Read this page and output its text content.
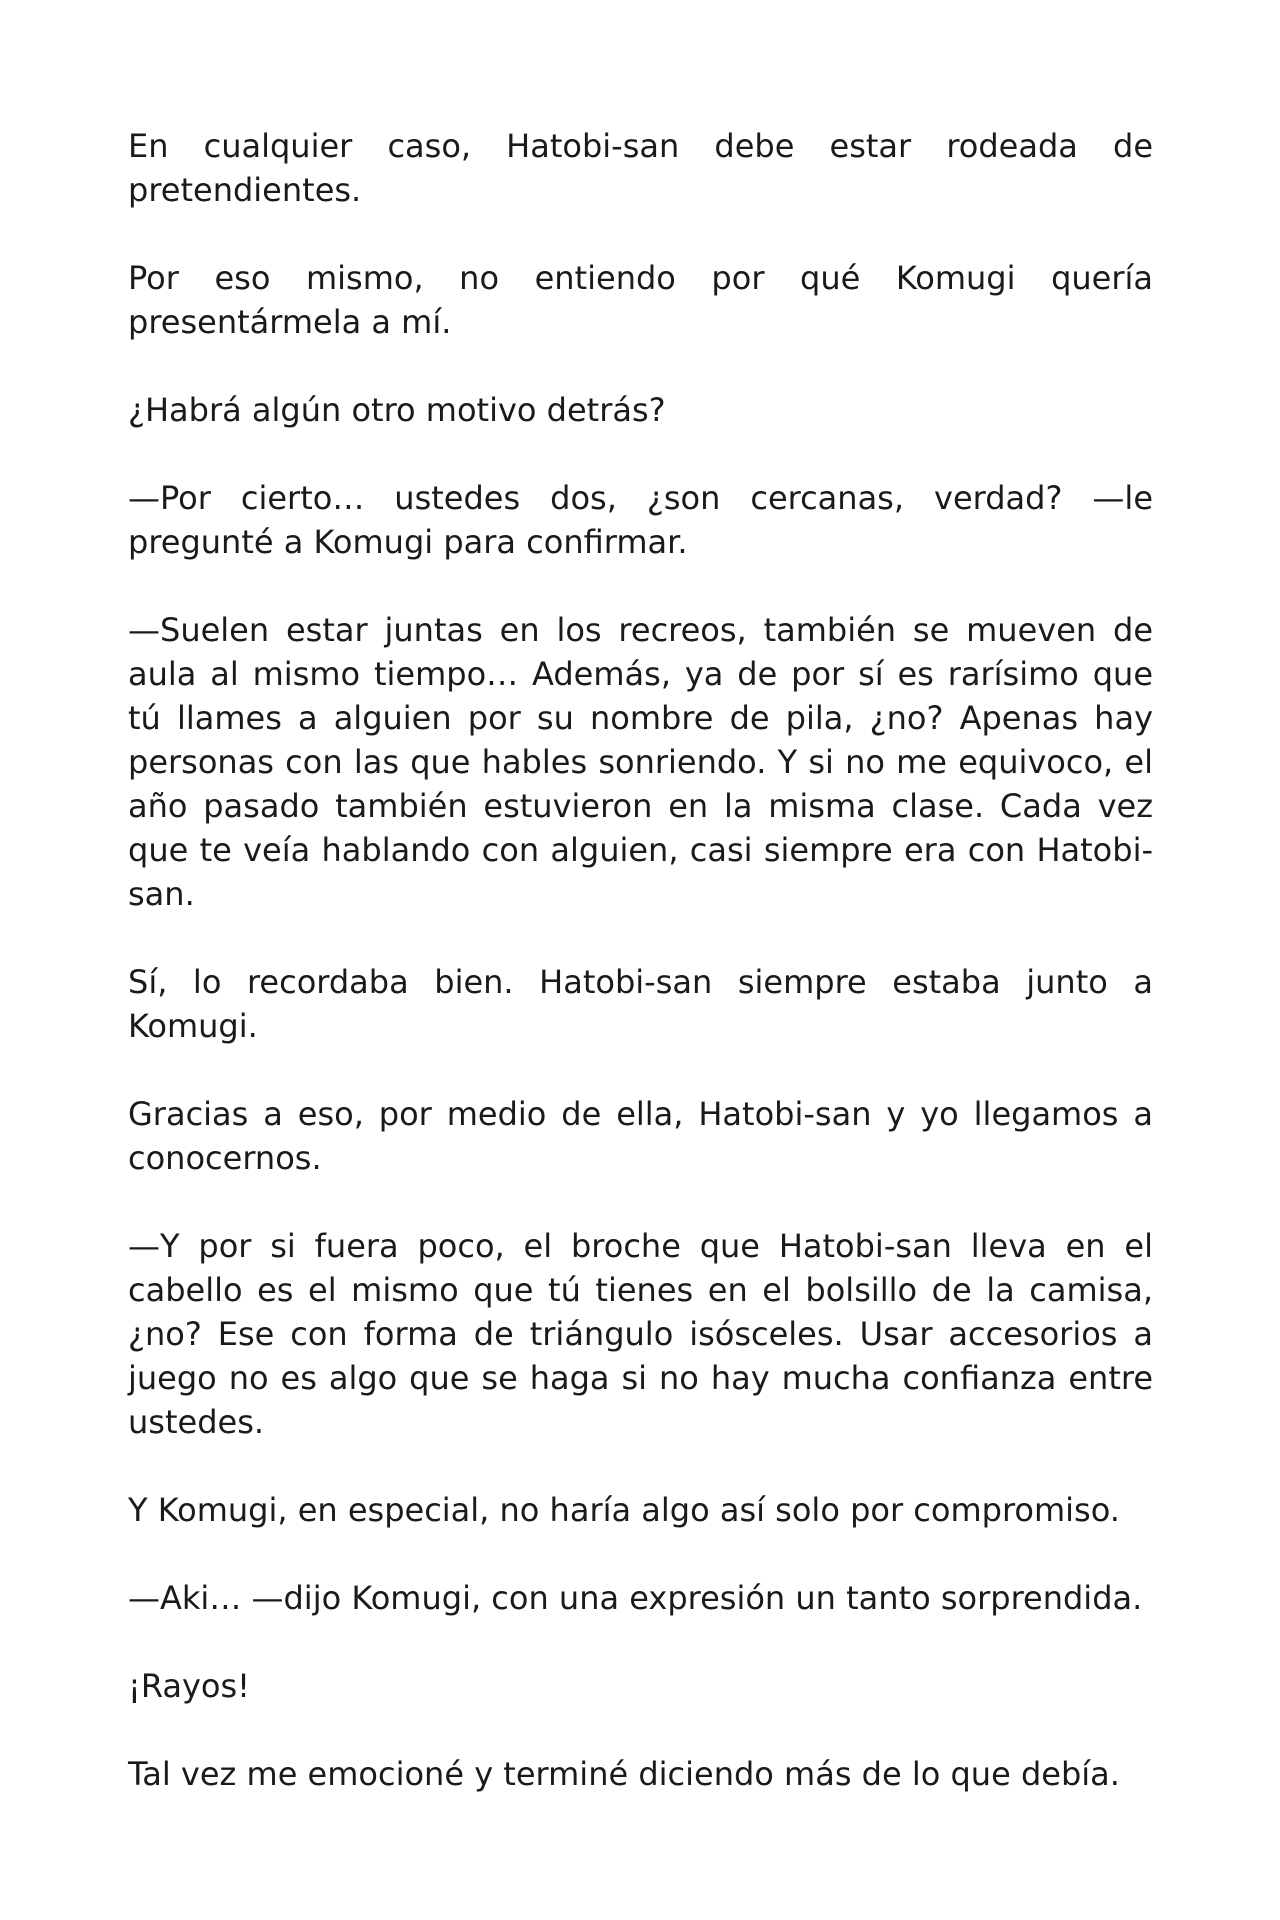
En cualquier caso, Hatobi-san debe estar rodeada de pretendientes.

Por eso mismo, no entiendo por qué Komugi quería presentármela a mí.

¿Habrá algún otro motivo detrás?

—Por cierto… ustedes dos, ¿son cercanas, verdad? —le pregunté a Komugi para confirmar.

—Suelen estar juntas en los recreos, también se mueven de aula al mismo tiempo… Además, ya de por sí es rarísimo que tú llames a alguien por su nombre de pila, ¿no? Apenas hay personas con las que hables sonriendo. Y si no me equivoco, el año pasado también estuvieron en la misma clase. Cada vez que te veía hablando con alguien, casi siempre era con Hatobi-san.

Sí, lo recordaba bien. Hatobi-san siempre estaba junto a Komugi.

Gracias a eso, por medio de ella, Hatobi-san y yo llegamos a conocernos.

—Y por si fuera poco, el broche que Hatobi-san lleva en el cabello es el mismo que tú tienes en el bolsillo de la camisa, ¿no? Ese con forma de triángulo isósceles. Usar accesorios a juego no es algo que se haga si no hay mucha confianza entre ustedes.

Y Komugi, en especial, no haría algo así solo por compromiso.

—Aki… —dijo Komugi, con una expresión un tanto sorprendida.

¡Rayos!

Tal vez me emocioné y terminé diciendo más de lo que debía.
